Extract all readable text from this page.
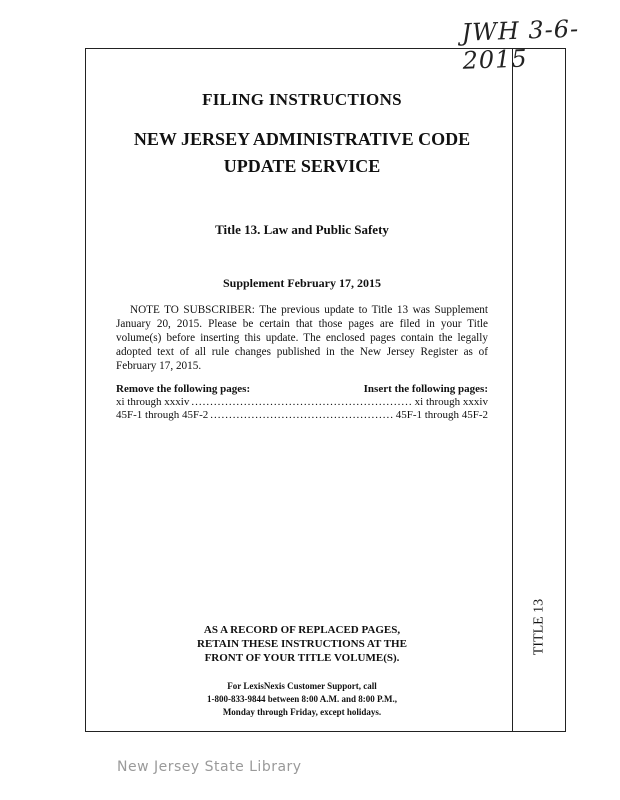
JWH 3-6-2015
TITLE 13
FILING INSTRUCTIONS
NEW JERSEY ADMINISTRATIVE CODE
UPDATE SERVICE
Title 13. Law and Public Safety
Supplement February 17, 2015

NOTE TO SUBSCRIBER: The previous update to Title 13 was Supplement January 20, 2015. Please be certain that those pages are filed in your Title volume(s) before inserting this update. The enclosed pages contain the legally adopted text of all rule changes published in the New Jersey Register as of February 17, 2015.

Remove the following pages:	Insert the following pages:
xi through xxxiv .....	xi through xxxiv
45F-1 through 45F-2 .....	45F-1 through 45F-2
AS A RECORD OF REPLACED PAGES,
RETAIN THESE INSTRUCTIONS AT THE
FRONT OF YOUR TITLE VOLUME(S).
For LexisNexis Customer Support, call
1-800-833-9844 between 8:00 A.M. and 8:00 P.M.,
Monday through Friday, except holidays.
New Jersey State Library
